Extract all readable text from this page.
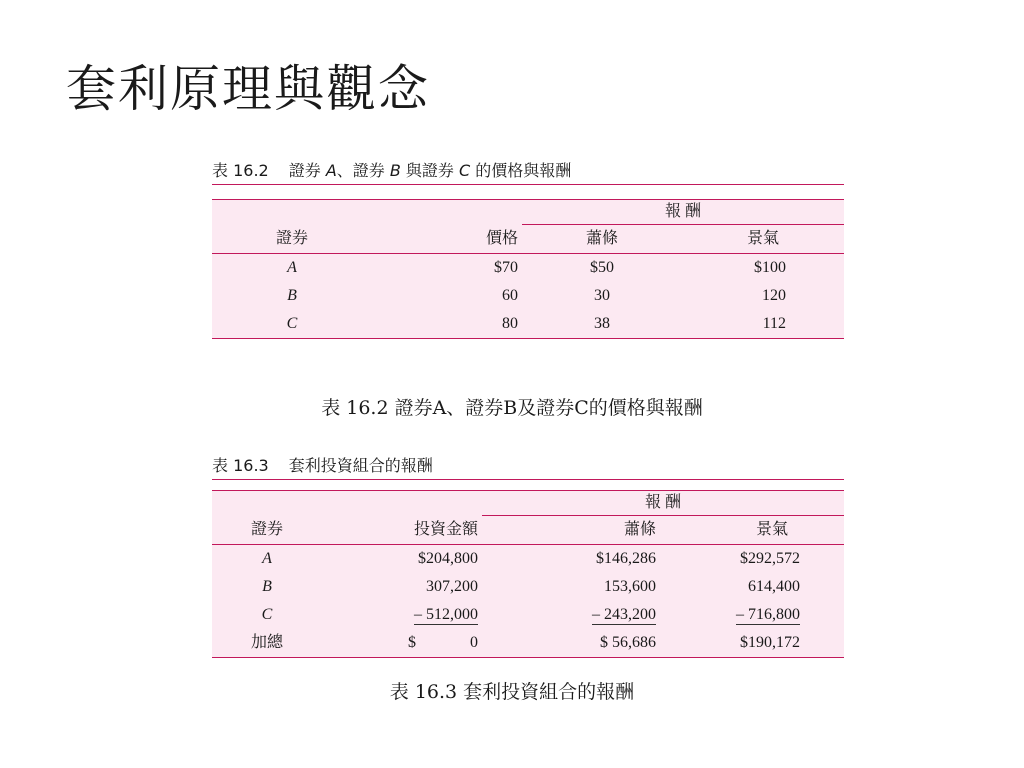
套利原理與觀念
表 16.2 證券 A、證券 B 與證券 C 的價格與報酬
		報 酬	
證券	價格	蕭條	景氣
A	$70	$50	$100
B	60	30	120
C	80	38	112
表 16.2 證券A、證券B及證券C的價格與報酬
表 16.3 套利投資組合的報酬
		報 酬	
證券	投資金額	蕭條	景氣
A	$204,800	$146,286	$292,572
B	307,200	153,600	614,400
C	– 512,000	– 243,200	– 716,800
加總	$ 0	$ 56,686	$190,172
表 16.3 套利投資組合的報酬
